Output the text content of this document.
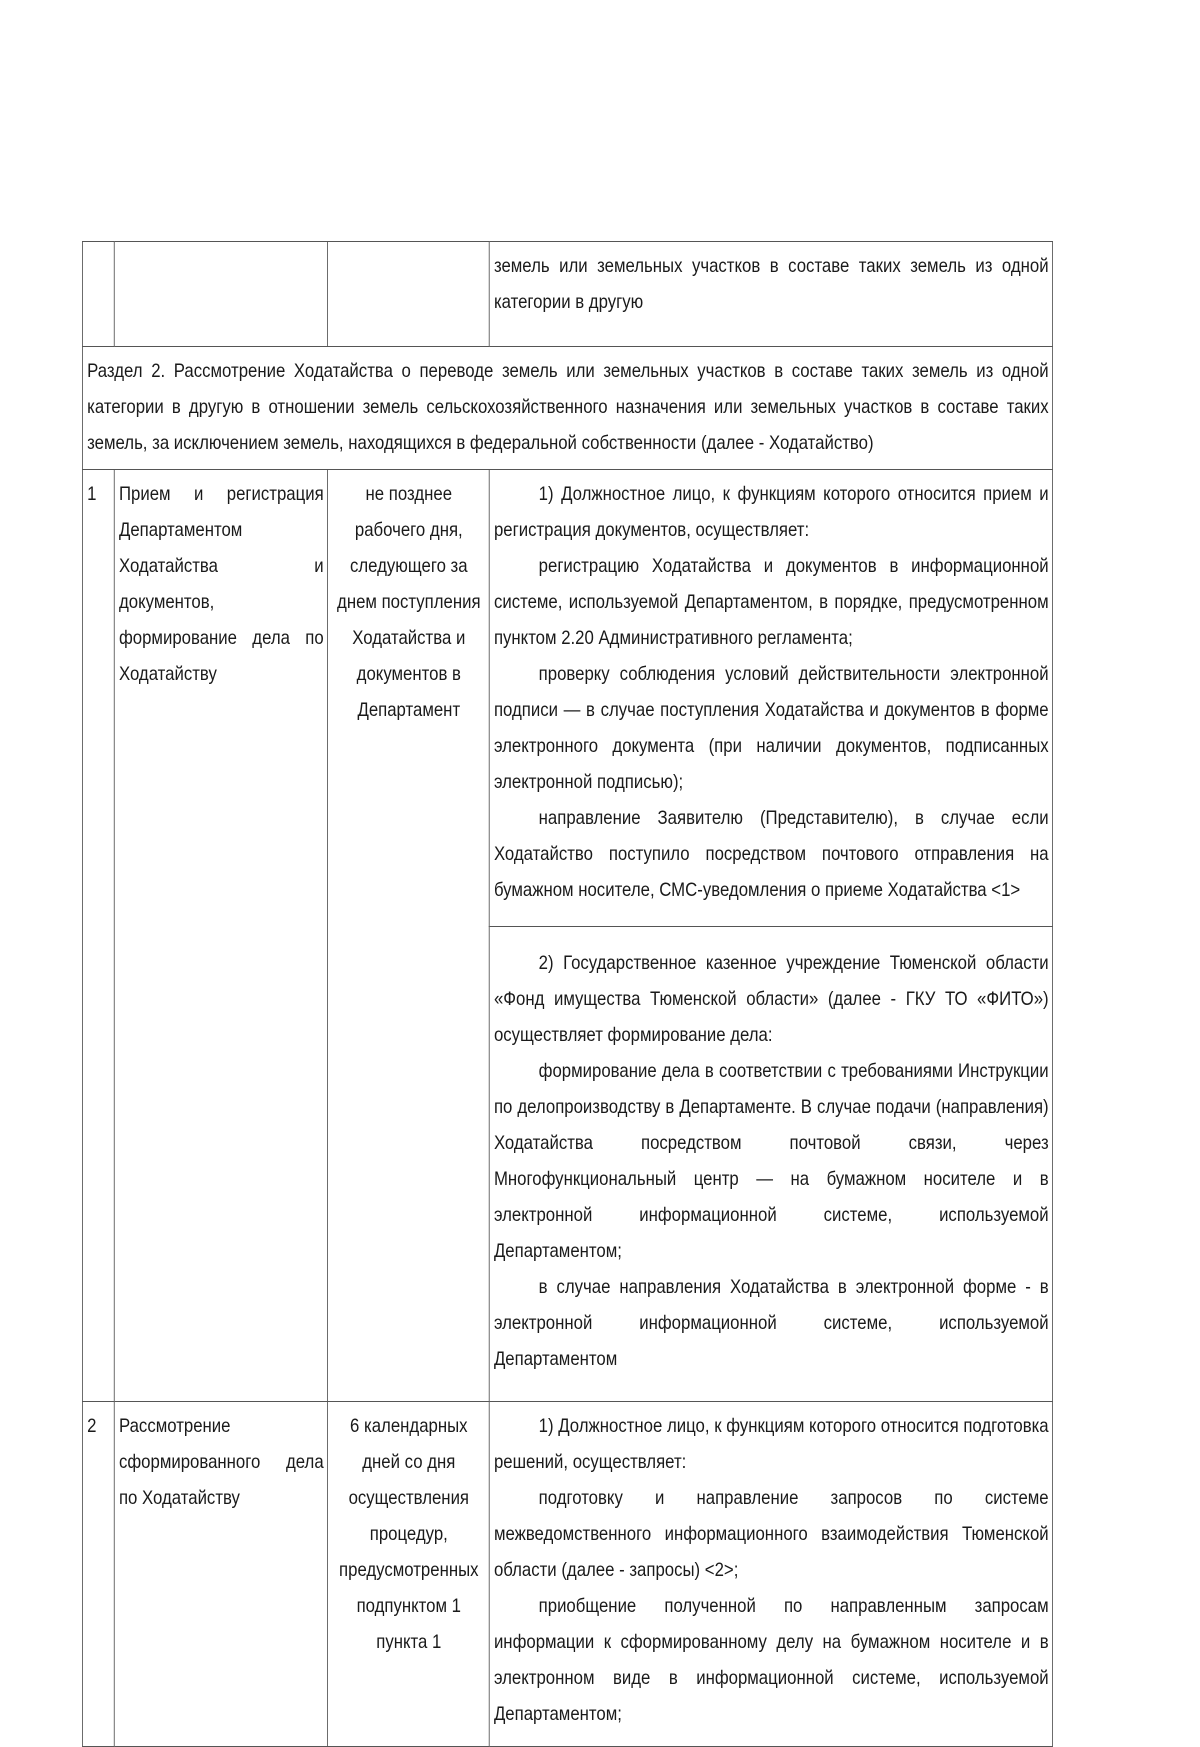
			земель или земельных участков в составе таких земель из одной категории в другую

Раздел 2. Рассмотрение Ходатайства о переводе земель или земельных участков в составе таких земель из одной категории в другую в отношении земель сельскохозяйственного назначения или земельных участков в составе таких земель, за исключением земель, находящихся в федеральной собственности (далее - Ходатайство)			
1	Прием и регистрация Департаментом Ходатайства и документов, формирование дела по Ходатайству	не позднее рабочего дня, следующего за днем поступления Ходатайства и документов в Департамент	1) Должностное лицо, к функциям которого относится прием и регистрация документов, осуществляет:

регистрацию Ходатайства и документов в информационной системе, используемой Департаментом, в порядке, предусмотренном пунктом 2.20 Административного регламента;

проверку соблюдения условий действительности электронной подписи — в случае поступления Ходатайства и документов в форме электронного документа (при наличии документов, подписанных электронной подписью);

направление Заявителю (Представителю), в случае если Ходатайство поступило посредством почтового отправления на бумажном носителе, СМС-уведомления о приеме Ходатайства <1>

			2) Государственное казенное учреждение Тюменской области «Фонд имущества Тюменской области» (далее - ГКУ ТО «ФИТО») осуществляет формирование дела:

формирование дела в соответствии с требованиями Инструкции по делопроизводству в Департаменте. В случае подачи (направления) Ходатайства посредством почтовой связи, через Многофункциональный центр — на бумажном носителе и в электронной информационной системе, используемой Департаментом;

в случае направления Ходатайства в электронной форме - в электронной информационной системе, используемой Департаментом

2	Рассмотрение сформированного дела по Ходатайству	6 календарных дней со дня осуществления процедур, предусмотренных подпунктом 1 пункта 1	1) Должностное лицо, к функциям которого относится подготовка решений, осуществляет:

подготовку и направление запросов по системе межведомственного информационного взаимодействия Тюменской области (далее - запросы) <2>;

приобщение полученной по направленным запросам информации к сформированному делу на бумажном носителе и в электронном виде в информационной системе, используемой Департаментом;
